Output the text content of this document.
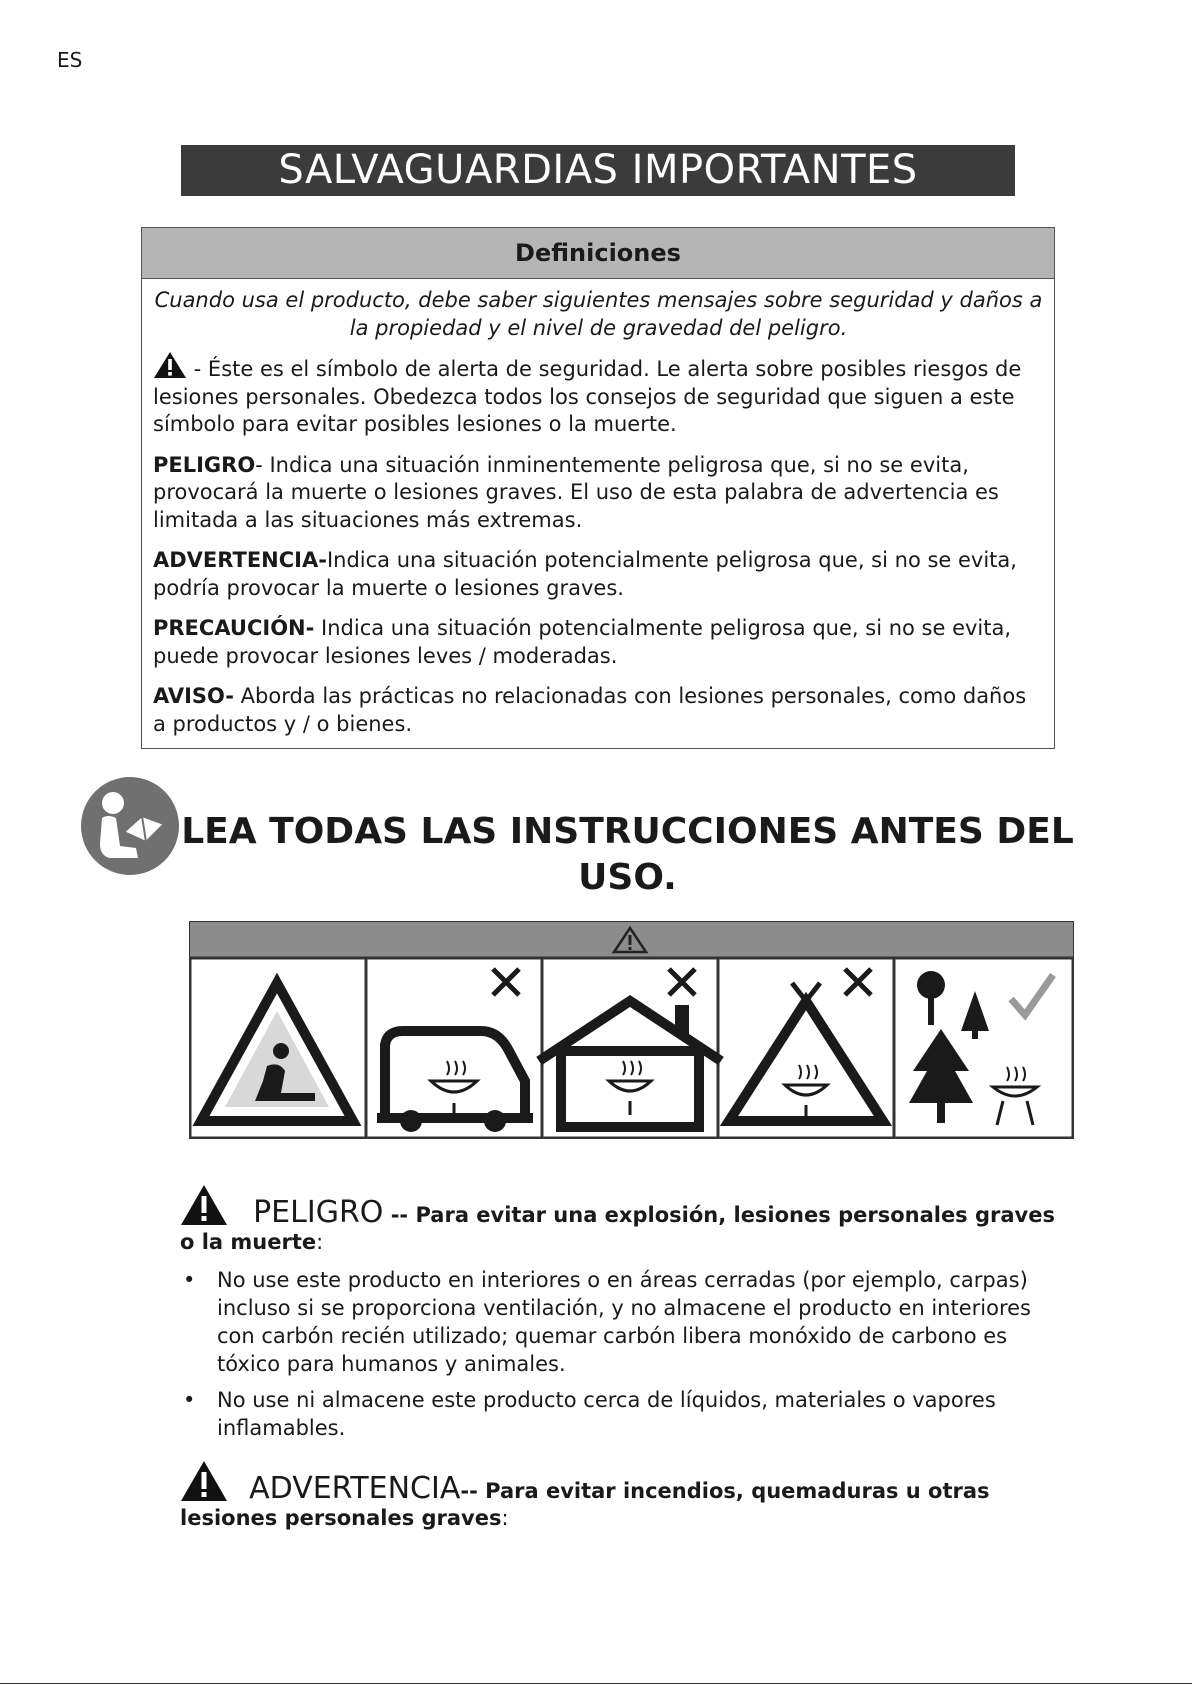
ES
SALVAGUARDIAS IMPORTANTES
Definiciones

Cuando usa el producto, debe saber siguientes mensajes sobre seguridad y daños a la propiedad y el nivel de gravedad del peligro.

- Éste es el símbolo de alerta de seguridad. Le alerta sobre posibles riesgos de lesiones personales. Obedezca todos los consejos de seguridad que siguen a este símbolo para evitar posibles lesiones o la muerte.

PELIGRO- Indica una situación inminentemente peligrosa que, si no se evita, provocará la muerte o lesiones graves. El uso de esta palabra de advertencia es limitada a las situaciones más extremas.

ADVERTENCIA-Indica una situación potencialmente peligrosa que, si no se evita, podría provocar la muerte o lesiones graves.

PRECAUCIÓN- Indica una situación potencialmente peligrosa que, si no se evita, puede provocar lesiones leves / moderadas.

AVISO- Aborda las prácticas no relacionadas con lesiones personales, como daños a productos y / o bienes.

LEA TODAS LAS INSTRUCCIONES ANTES DEL USO.
PELIGRO -- Para evitar una explosión, lesiones personales graves
o la muerte:
• No use este producto en interiores o en áreas cerradas (por ejemplo, carpas) incluso si se proporciona ventilación, y no almacene el producto en interiores con carbón recién utilizado; quemar carbón libera monóxido de carbono es tóxico para humanos y animales.
• No use ni almacene este producto cerca de líquidos, materiales o vapores inflamables.
ADVERTENCIA-- Para evitar incendios, quemaduras u otras
lesiones personales graves:
